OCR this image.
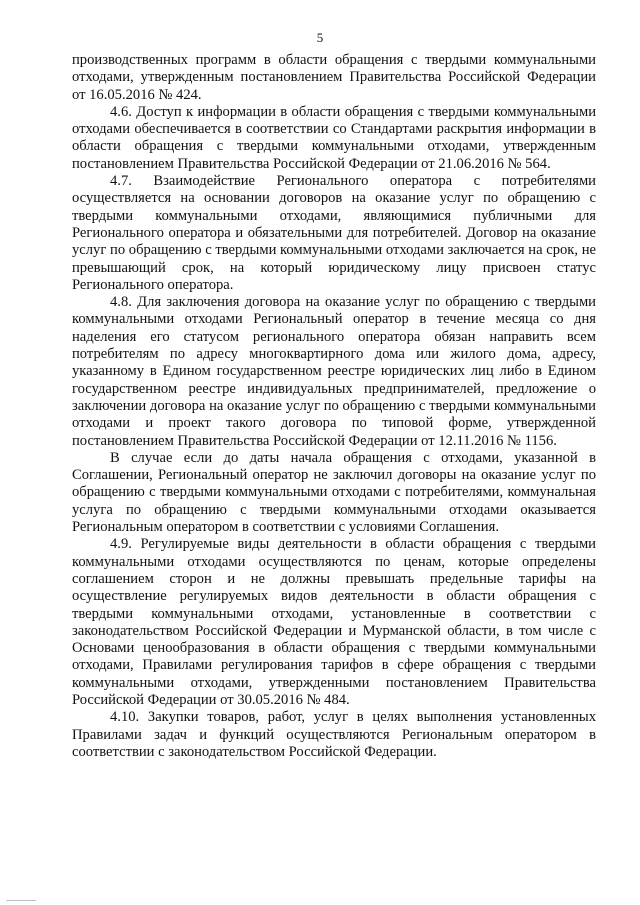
5

производственных программ в области обращения с твердыми коммунальными отходами, утвержденным постановлением Правительства Российской Федерации от 16.05.2016 № 424.

4.6. Доступ к информации в области обращения с твердыми коммунальными отходами обеспечивается в соответствии со Стандартами раскрытия информации в области обращения с твердыми коммунальными отходами, утвержденным постановлением Правительства Российской Федерации от 21.06.2016 № 564.

4.7. Взаимодействие Регионального оператора с потребителями осуществляется на основании договоров на оказание услуг по обращению с твердыми коммунальными отходами, являющимися публичными для Регионального оператора и обязательными для потребителей. Договор на оказание услуг по обращению с твердыми коммунальными отходами заключается на срок, не превышающий срок, на который юридическому лицу присвоен статус Регионального оператора.

4.8. Для заключения договора на оказание услуг по обращению с твердыми коммунальными отходами Региональный оператор в течение месяца со дня наделения его статусом регионального оператора обязан направить всем потребителям по адресу многоквартирного дома или жилого дома, адресу, указанному в Едином государственном реестре юридических лиц либо в Едином государственном реестре индивидуальных предпринимателей, предложение о заключении договора на оказание услуг по обращению с твердыми коммунальными отходами и проект такого договора по типовой форме, утвержденной постановлением Правительства Российской Федерации от 12.11.2016 № 1156.

В случае если до даты начала обращения с отходами, указанной в Соглашении, Региональный оператор не заключил договоры на оказание услуг по обращению с твердыми коммунальными отходами с потребителями, коммунальная услуга по обращению с твердыми коммунальными отходами оказывается Региональным оператором в соответствии с условиями Соглашения.

4.9. Регулируемые виды деятельности в области обращения с твердыми коммунальными отходами осуществляются по ценам, которые определены соглашением сторон и не должны превышать предельные тарифы на осуществление регулируемых видов деятельности в области обращения с твердыми коммунальными отходами, установленные в соответствии с законодательством Российской Федерации и Мурманской области, в том числе с Основами ценообразования в области обращения с твердыми коммунальными отходами, Правилами регулирования тарифов в сфере обращения с твердыми коммунальными отходами, утвержденными постановлением Правительства Российской Федерации от 30.05.2016 № 484.

4.10. Закупки товаров, работ, услуг в целях выполнения установленных Правилами задач и функций осуществляются Региональным оператором в соответствии с законодательством Российской Федерации.
